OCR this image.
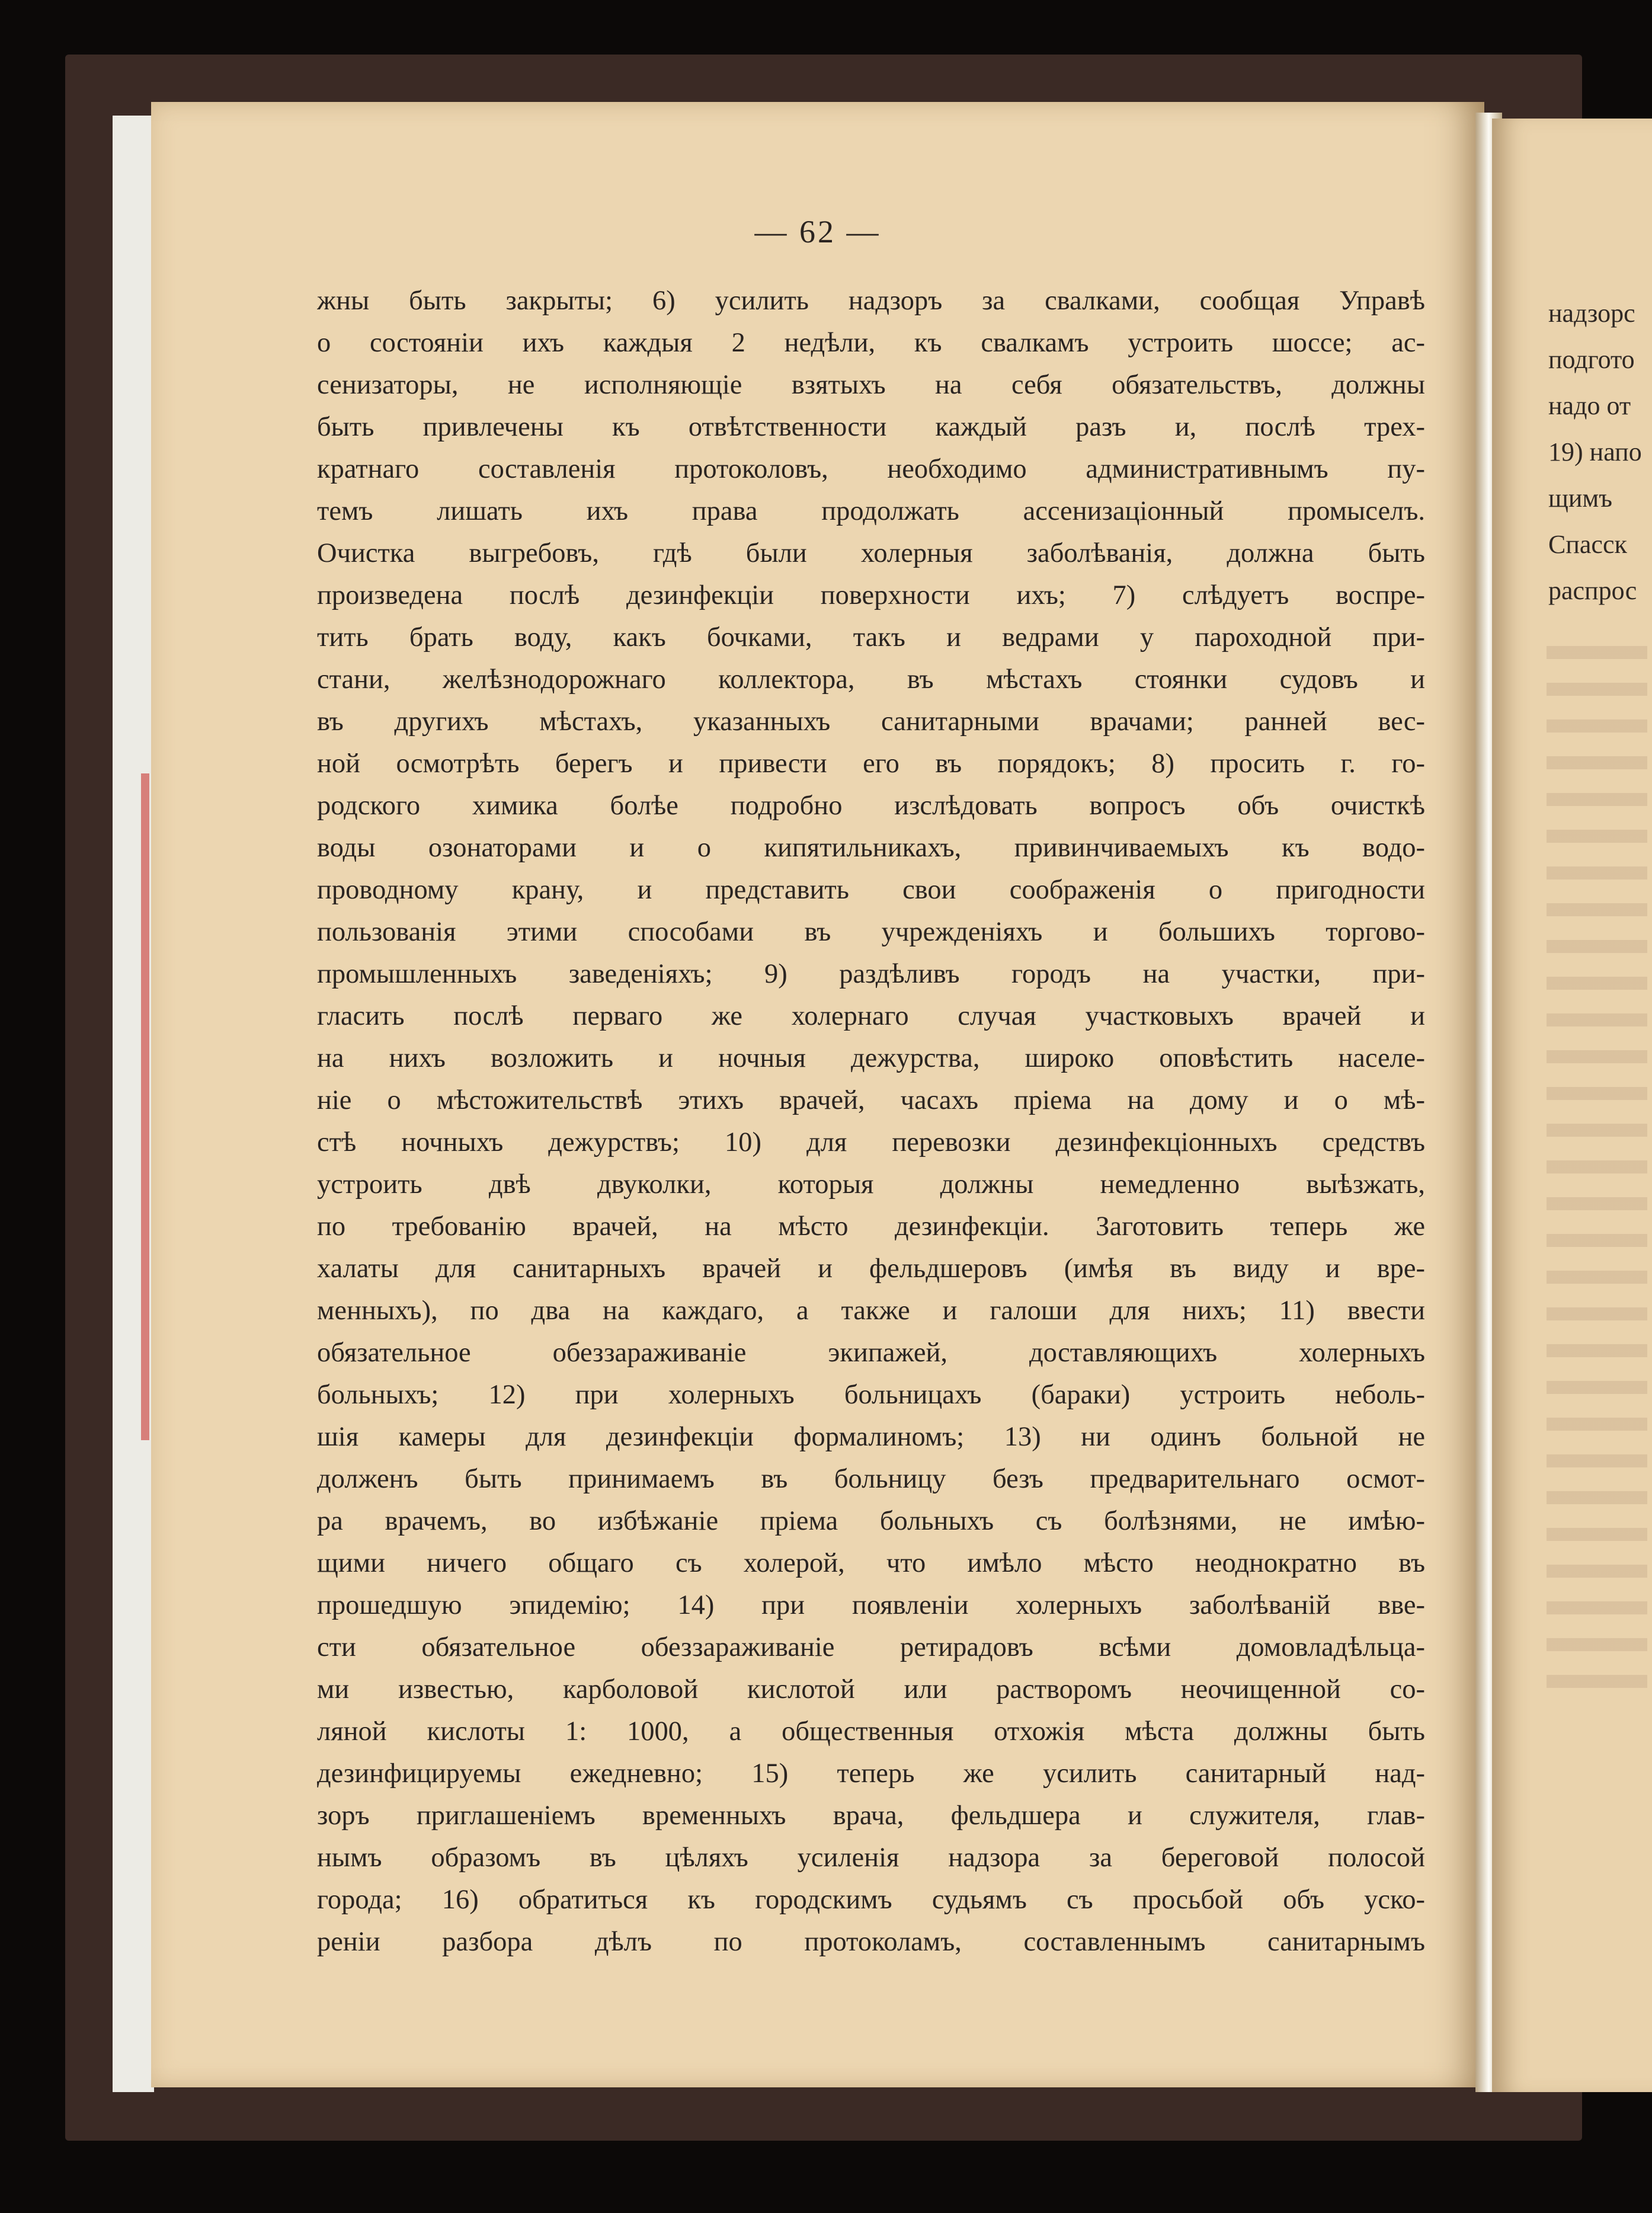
— 62 —
жны быть закрыты; 6) усилить надзоръ за свалками, сообщая Управѣ
о состоянiи ихъ каждыя 2 недѣли, къ свалкамъ устроить шоссе; ас-
сенизаторы, не исполняющiе взятыхъ на себя обязательствъ, должны
быть привлечены къ отвѣтственности каждый разъ и, послѣ трех-
кратнаго составленiя протоколовъ, необходимо административнымъ пу-
темъ лишать ихъ права продолжать ассенизацiонный промыселъ.
Очистка выгребовъ, гдѣ были холерныя заболѣванiя, должна быть
произведена послѣ дезинфекцiи поверхности ихъ; 7) слѣдуетъ воспре-
тить брать воду, какъ бочками, такъ и ведрами у пароходной при-
стани, желѣзнодорожнаго коллектора, въ мѣстахъ стоянки судовъ и
въ другихъ мѣстахъ, указанныхъ санитарными врачами; ранней вес-
ной осмотрѣть берегъ и привести его въ порядокъ; 8) просить г. го-
родского химика болѣе подробно изслѣдовать вопросъ объ очисткѣ
воды озонаторами и о кипятильникахъ, привинчиваемыхъ къ водо-
проводному крану, и представить свои соображенiя о пригодности
пользованiя этими способами въ учрежденiяхъ и большихъ торгово-
промышленныхъ заведенiяхъ; 9) раздѣливъ городъ на участки, при-
гласить послѣ перваго же холернаго случая участковыхъ врачей и
на нихъ возложить и ночныя дежурства, широко оповѣстить населе-
нiе о мѣстожительствѣ этихъ врачей, часахъ прiема на дому и о мѣ-
стѣ ночныхъ дежурствъ; 10) для перевозки дезинфекцiонныхъ средствъ
устроить двѣ двуколки, которыя должны немедленно выѣзжать,
по требованiю врачей, на мѣсто дезинфекцiи. Заготовить теперь же
халаты для санитарныхъ врачей и фельдшеровъ (имѣя въ виду и вре-
менныхъ), по два на каждаго, а также и галоши для нихъ; 11) ввести
обязательное обеззараживанiе экипажей, доставляющихъ холерныхъ
больныхъ; 12) при холерныхъ больницахъ (бараки) устроить неболь-
шiя камеры для дезинфекцiи формалиномъ; 13) ни одинъ больной не
долженъ быть принимаемъ въ больницу безъ предварительнаго осмот-
ра врачемъ, во избѣжанiе прiема больныхъ съ болѣзнями, не имѣю-
щими ничего общаго съ холерой, что имѣло мѣсто неоднократно въ
прошедшую эпидемiю; 14) при появленiи холерныхъ заболѣванiй вве-
сти обязательное обеззараживанiе ретирадовъ всѣми домовладѣльца-
ми известью, карболовой кислотой или растворомъ неочищенной со-
ляной кислоты 1: 1000, а общественныя отхожiя мѣста должны быть
дезинфицируемы ежедневно; 15) теперь же усилить санитарный над-
зоръ приглашенiемъ временныхъ врача, фельдшера и служителя, глав-
нымъ образомъ въ цѣляхъ усиленiя надзора за береговой полосой
города; 16) обратиться къ городскимъ судьямъ съ просьбой объ уско-
ренiи разбора дѣлъ по протоколамъ, составленнымъ санитарнымъ
надзорс
подгото
надо от
19) напо
щимъ
Спасск
распрос
